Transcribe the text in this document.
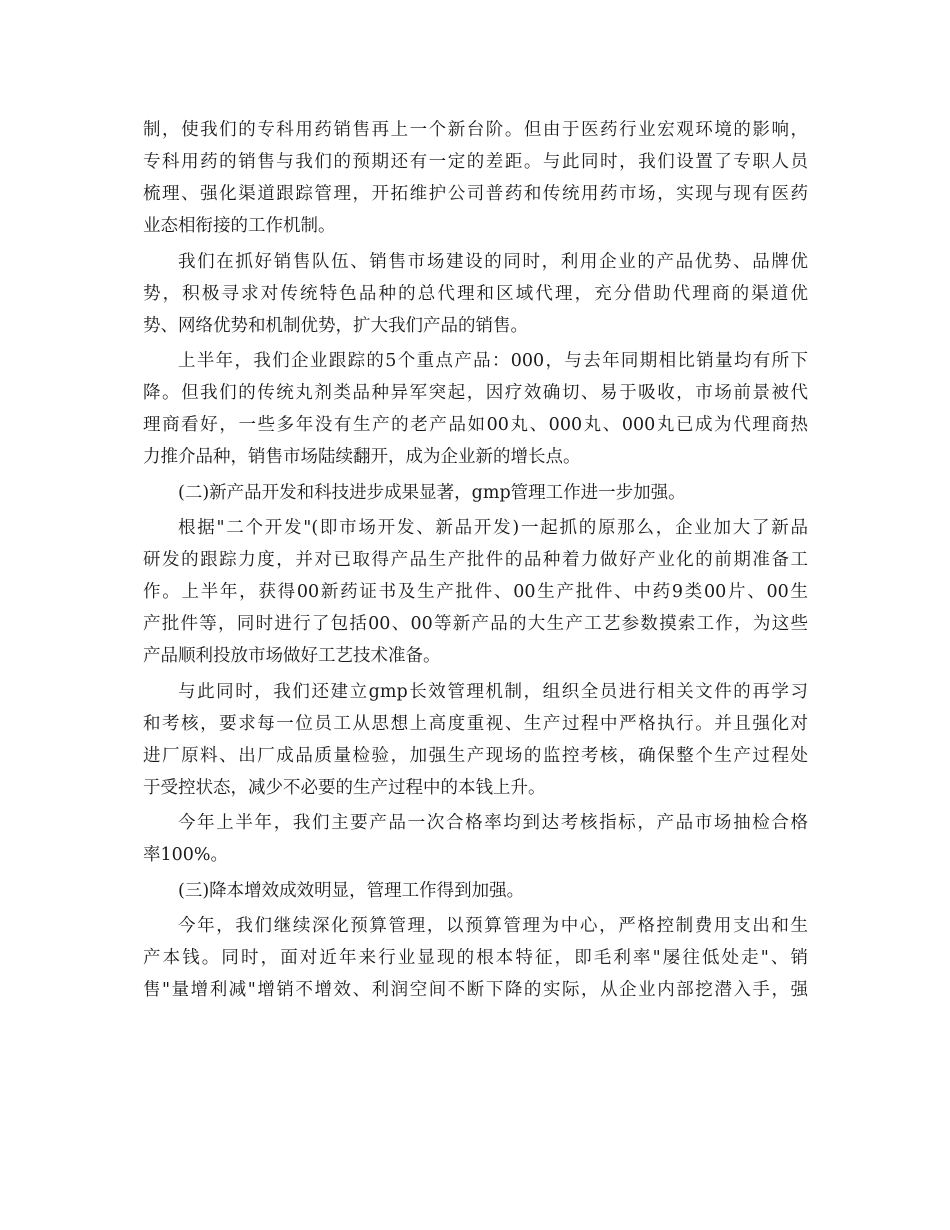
制，使我们的专科用药销售再上一个新台阶。但由于医药行业宏观环境的影响，
专科用药的销售与我们的预期还有一定的差距。与此同时，我们设置了专职人员
梳理、强化渠道跟踪管理，开拓维护公司普药和传统用药市场，实现与现有医药
业态相衔接的工作机制。
我们在抓好销售队伍、销售市场建设的同时，利用企业的产品优势、品牌优
势，积极寻求对传统特色品种的总代理和区域代理，充分借助代理商的渠道优
势、网络优势和机制优势，扩大我们产品的销售。
上半年，我们企业跟踪的5个重点产品：000，与去年同期相比销量均有所下
降。但我们的传统丸剂类品种异军突起，因疗效确切、易于吸收，市场前景被代
理商看好，一些多年没有生产的老产品如00丸、000丸、000丸已成为代理商热
力推介品种，销售市场陆续翻开，成为企业新的增长点。
(二)新产品开发和科技进步成果显著，gmp管理工作进一步加强。
根据"二个开发"(即市场开发、新品开发)一起抓的原那么，企业加大了新品
研发的跟踪力度，并对已取得产品生产批件的品种着力做好产业化的前期准备工
作。上半年，获得00新药证书及生产批件、00生产批件、中药9类00片、00生
产批件等，同时进行了包括00、00等新产品的大生产工艺参数摸索工作，为这些
产品顺利投放市场做好工艺技术准备。
与此同时，我们还建立gmp长效管理机制，组织全员进行相关文件的再学习
和考核，要求每一位员工从思想上高度重视、生产过程中严格执行。并且强化对
进厂原料、出厂成品质量检验，加强生产现场的监控考核，确保整个生产过程处
于受控状态，减少不必要的生产过程中的本钱上升。
今年上半年，我们主要产品一次合格率均到达考核指标，产品市场抽检合格
率100%。
(三)降本增效成效明显，管理工作得到加强。
今年，我们继续深化预算管理，以预算管理为中心，严格控制费用支出和生
产本钱。同时，面对近年来行业显现的根本特征，即毛利率"屡往低处走"、销
售"量增利减"增销不增效、利润空间不断下降的实际，从企业内部挖潜入手，强
